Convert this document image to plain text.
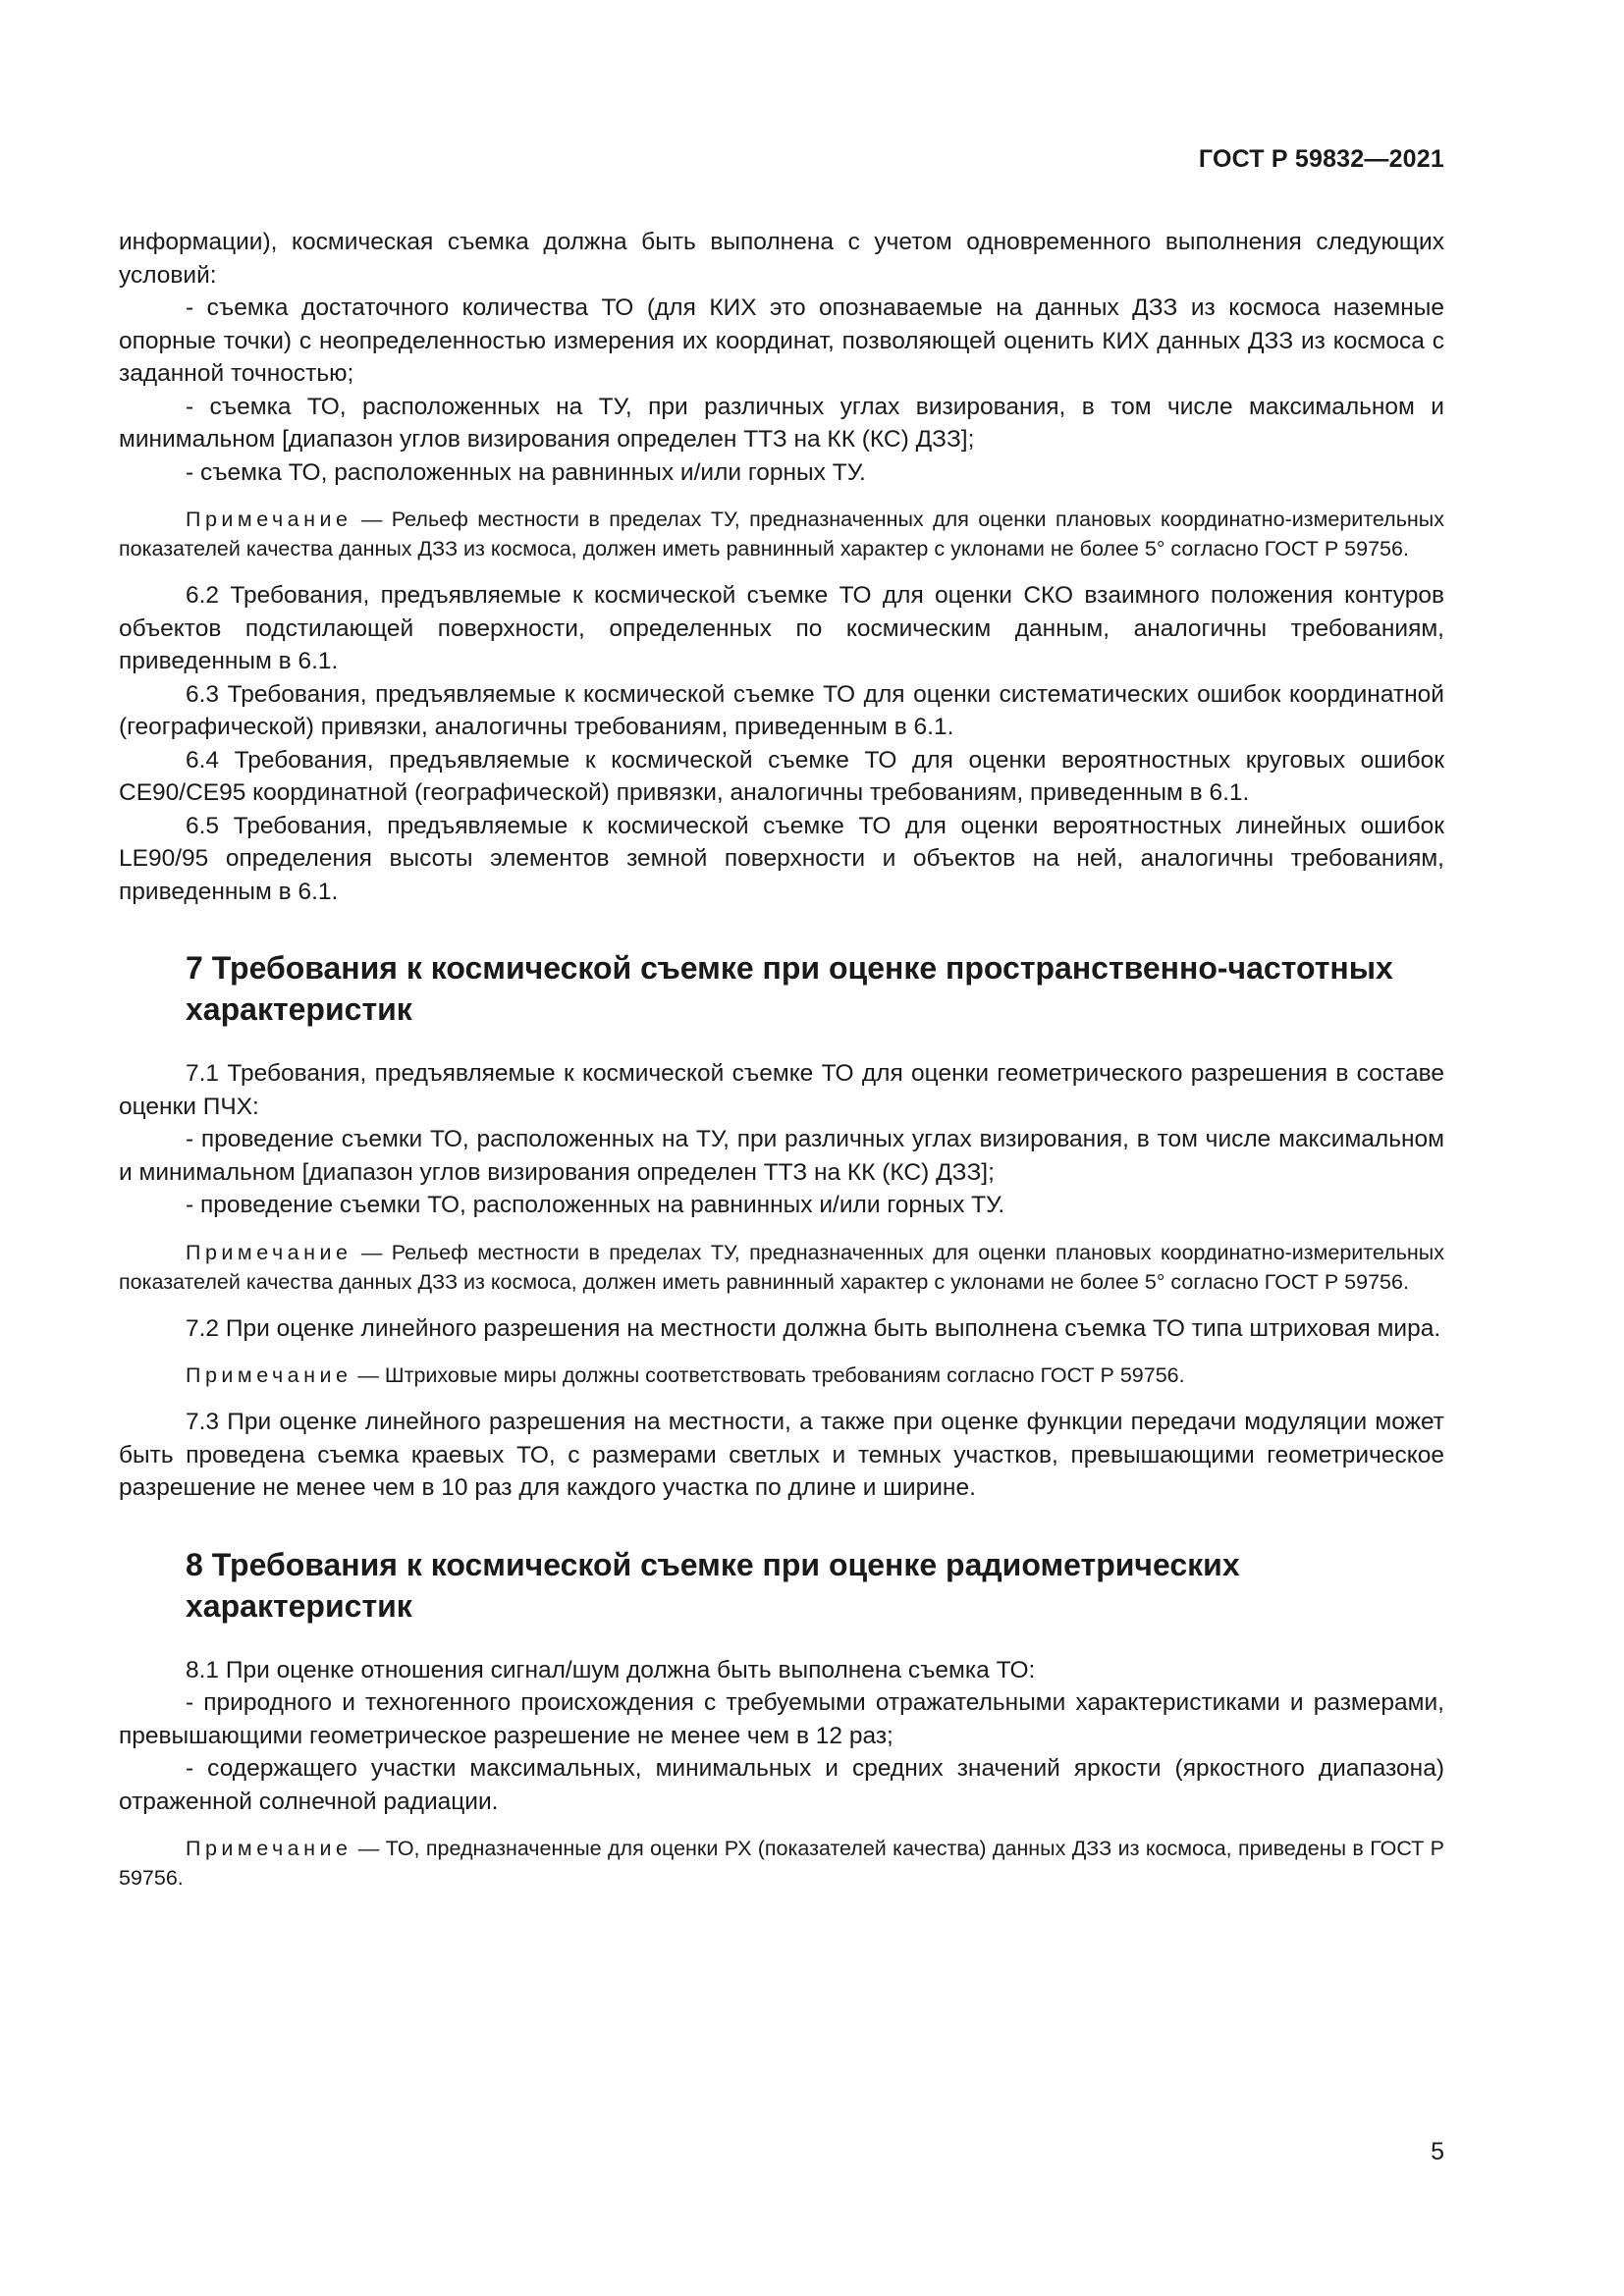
ГОСТ Р 59832—2021

информации), космическая съемка должна быть выполнена с учетом одновременного выполнения следующих условий:

- съемка достаточного количества ТО (для КИХ это опознаваемые на данных ДЗЗ из космоса наземные опорные точки) с неопределенностью измерения их координат, позволяющей оценить КИХ данных ДЗЗ из космоса с заданной точностью;

- съемка ТО, расположенных на ТУ, при различных углах визирования, в том числе максимальном и минимальном [диапазон углов визирования определен ТТЗ на КК (КС) ДЗЗ];

- съемка ТО, расположенных на равнинных и/или горных ТУ.

Примечание — Рельеф местности в пределах ТУ, предназначенных для оценки плановых координатно-измерительных показателей качества данных ДЗЗ из космоса, должен иметь равнинный характер с уклонами не более 5° согласно ГОСТ Р 59756.

6.2 Требования, предъявляемые к космической съемке ТО для оценки СКО взаимного положения контуров объектов подстилающей поверхности, определенных по космическим данным, аналогичны требованиям, приведенным в 6.1.

6.3 Требования, предъявляемые к космической съемке ТО для оценки систематических ошибок координатной (географической) привязки, аналогичны требованиям, приведенным в 6.1.

6.4 Требования, предъявляемые к космической съемке ТО для оценки вероятностных круговых ошибок CE90/CE95 координатной (географической) привязки, аналогичны требованиям, приведенным в 6.1.

6.5 Требования, предъявляемые к космической съемке ТО для оценки вероятностных линейных ошибок LE90/95 определения высоты элементов земной поверхности и объектов на ней, аналогичны требованиям, приведенным в 6.1.

7 Требования к космической съемке при оценке пространственно-частотных характеристик

7.1 Требования, предъявляемые к космической съемке ТО для оценки геометрического разрешения в составе оценки ПЧХ:

- проведение съемки ТО, расположенных на ТУ, при различных углах визирования, в том числе максимальном и минимальном [диапазон углов визирования определен ТТЗ на КК (КС) ДЗЗ];

- проведение съемки ТО, расположенных на равнинных и/или горных ТУ.

Примечание — Рельеф местности в пределах ТУ, предназначенных для оценки плановых координатно-измерительных показателей качества данных ДЗЗ из космоса, должен иметь равнинный характер с уклонами не более 5° согласно ГОСТ Р 59756.

7.2 При оценке линейного разрешения на местности должна быть выполнена съемка ТО типа штриховая мира.

Примечание — Штриховые миры должны соответствовать требованиям согласно ГОСТ Р 59756.

7.3 При оценке линейного разрешения на местности, а также при оценке функции передачи модуляции может быть проведена съемка краевых ТО, с размерами светлых и темных участков, превышающими геометрическое разрешение не менее чем в 10 раз для каждого участка по длине и ширине.

8 Требования к космической съемке при оценке радиометрических характеристик

8.1 При оценке отношения сигнал/шум должна быть выполнена съемка ТО:

- природного и техногенного происхождения с требуемыми отражательными характеристиками и размерами, превышающими геометрическое разрешение не менее чем в 12 раз;

- содержащего участки максимальных, минимальных и средних значений яркости (яркостного диапазона) отраженной солнечной радиации.

Примечание — ТО, предназначенные для оценки РХ (показателей качества) данных ДЗЗ из космоса, приведены в ГОСТ Р 59756.

5
